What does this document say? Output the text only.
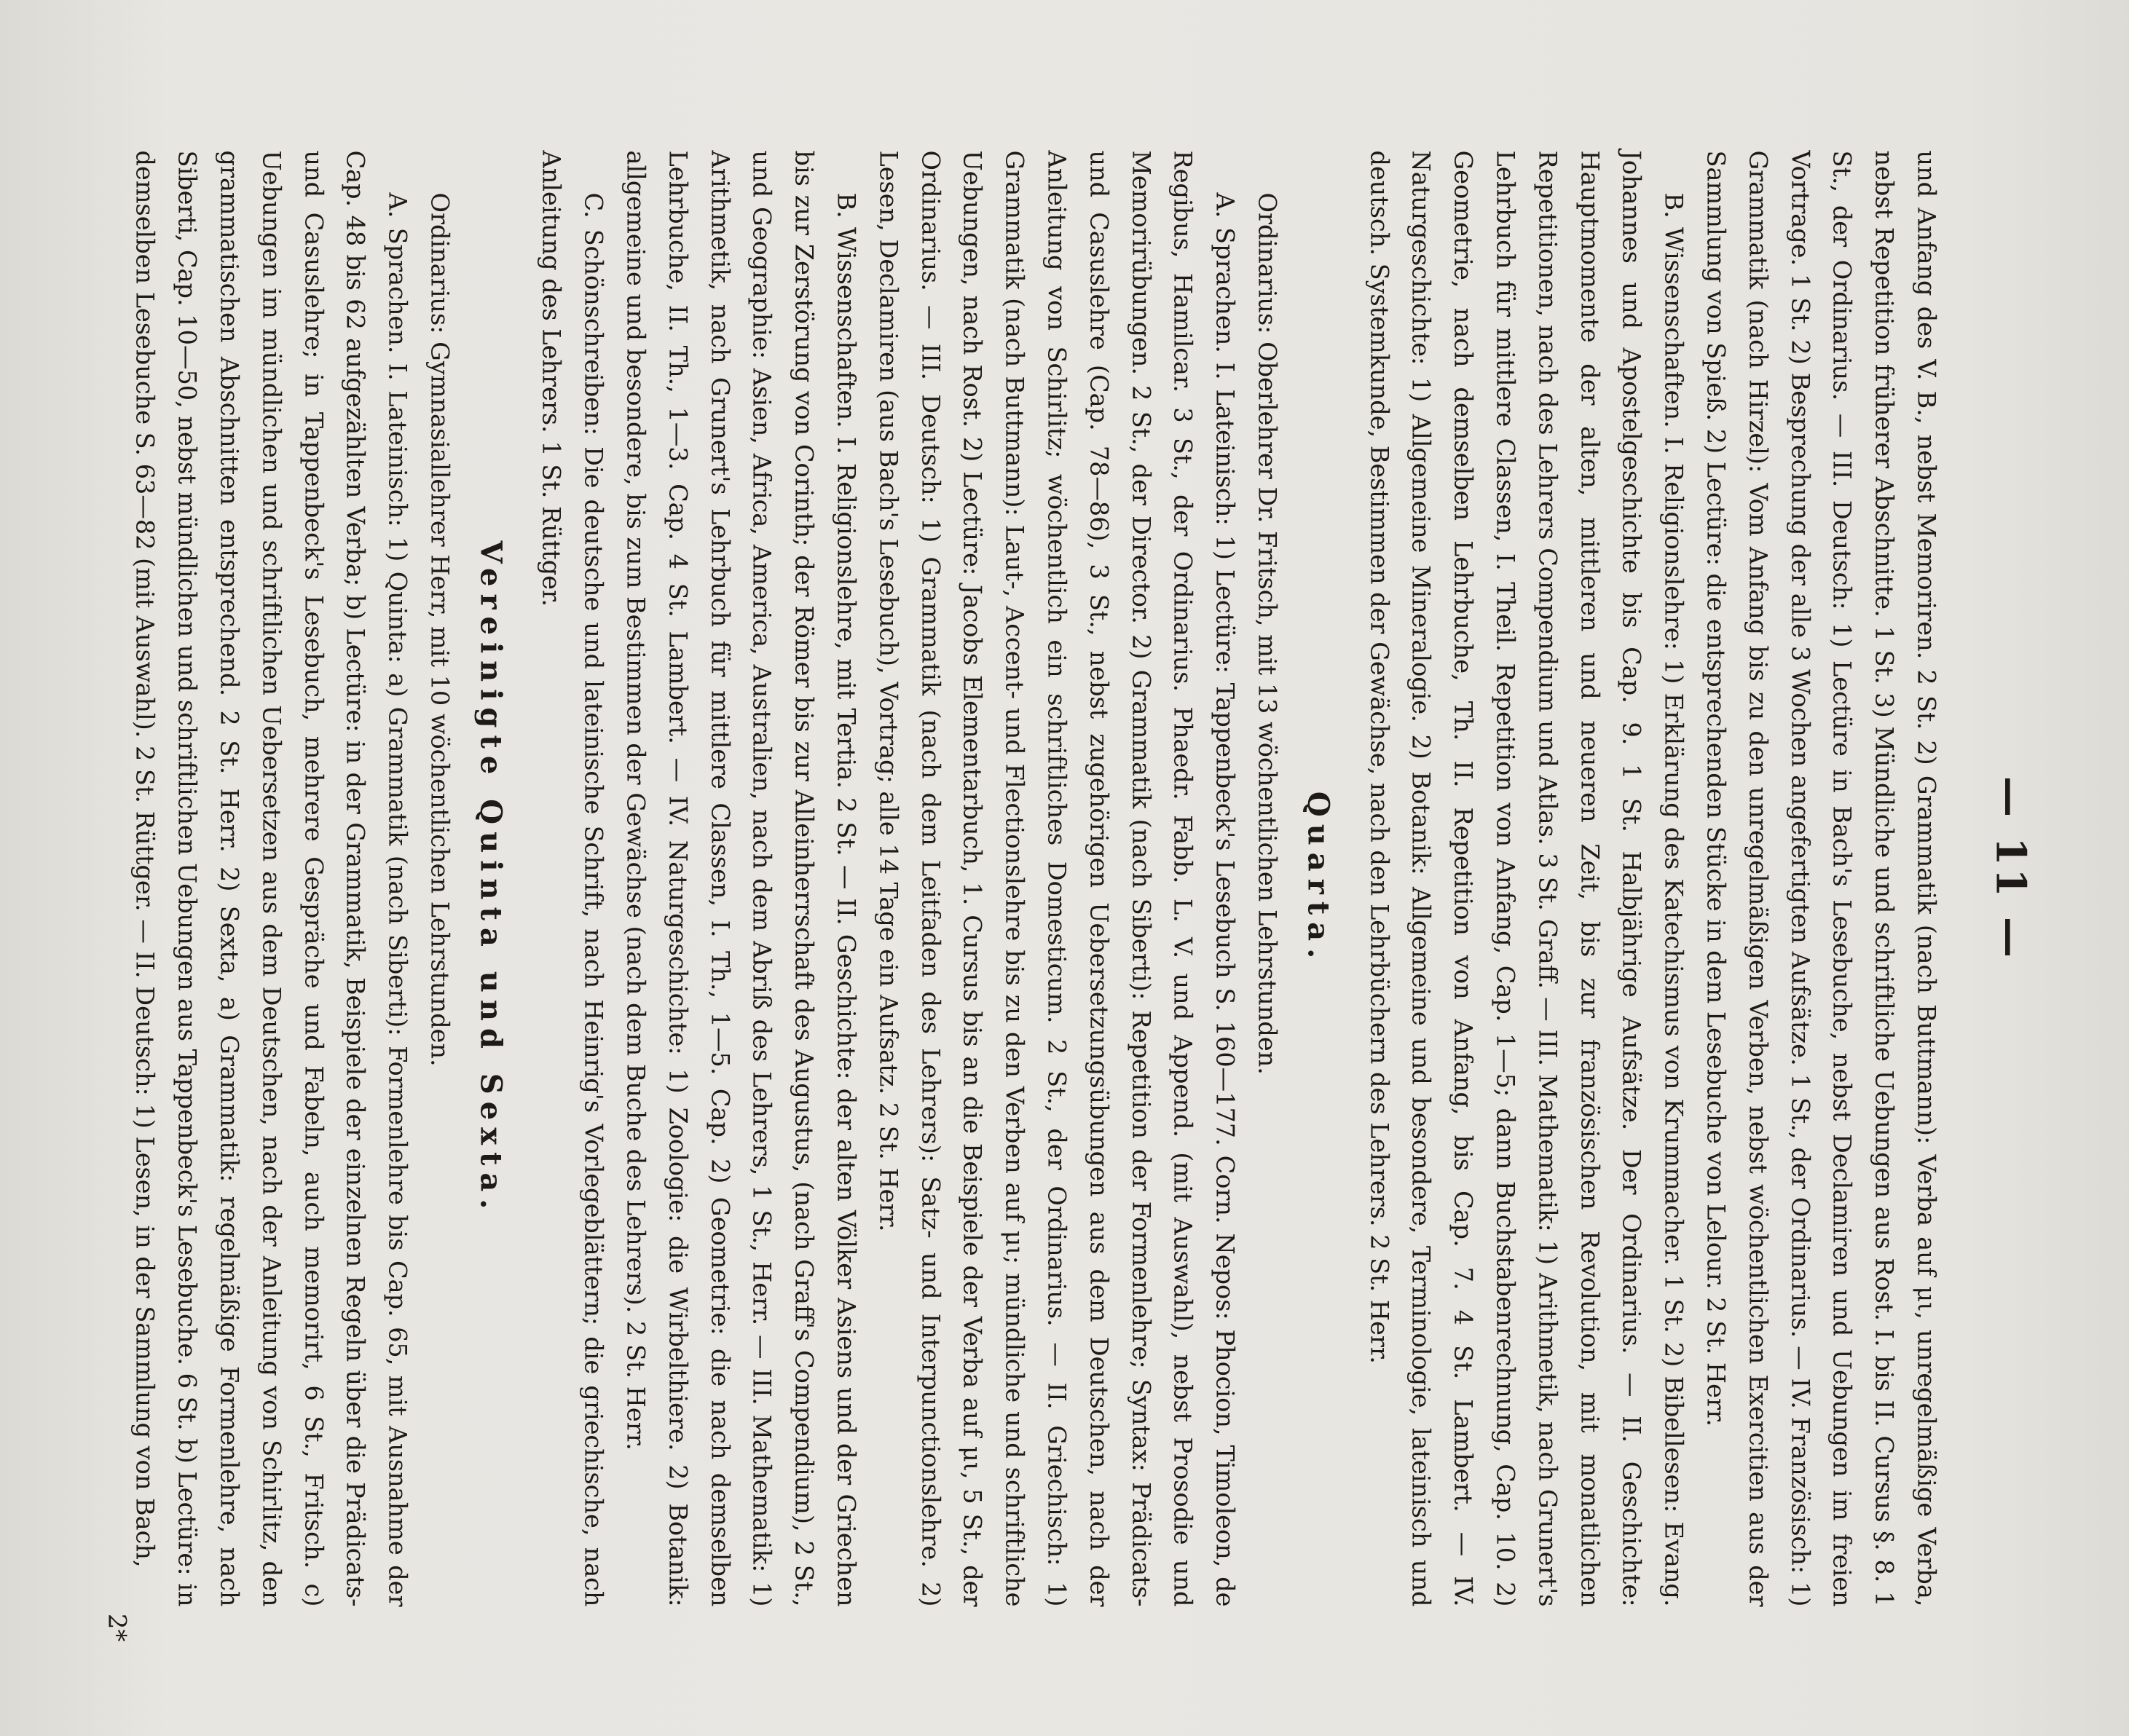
— 11 —

und Anfang des V. B., nebst Memoriren. 2 St. 2) Grammatik (nach Buttmann): Verba auf μι, unregelmäßige Verba, nebst Repetition früherer Abschnitte. 1 St. 3) Mündliche und schriftliche Uebungen aus Rost. I. bis II. Cursus §. 8. 1 St., der Ordinarius. — III. Deutsch: 1) Lectüre in Bach's Lesebuche, nebst Declamiren und Uebungen im freien Vortrage. 1 St. 2) Besprechung der alle 3 Wochen angefertigten Aufsätze. 1 St., der Ordinarius. — IV. Französisch: 1) Grammatik (nach Hirzel): Vom Anfang bis zu den unregelmäßigen Verben, nebst wöchentlichen Exercitien aus der Sammlung von Spieß. 2) Lectüre: die entsprechenden Stücke in dem Lesebuche von Lelour. 2 St. Herr.

B. Wissenschaften. I. Religionslehre: 1) Erklärung des Katechismus von Krummacher. 1 St. 2) Bibellesen: Evang. Johannes und Apostelgeschichte bis Cap. 9. 1 St. Halbjährige Aufsätze. Der Ordinarius. — II. Geschichte: Hauptmomente der alten, mittleren und neueren Zeit, bis zur französischen Revolution, mit monatlichen Repetitionen, nach des Lehrers Compendium und Atlas. 3 St. Graff. — III. Mathematik: 1) Arithmetik, nach Grunert's Lehrbuch für mittlere Classen, I. Theil. Repetition von Anfang, Cap. 1—5; dann Buchstabenrechnung, Cap. 10. 2) Geometrie, nach demselben Lehrbuche, Th. II. Repetition von Anfang, bis Cap. 7. 4 St. Lambert. — IV. Naturgeschichte: 1) Allgemeine Mineralogie. 2) Botanik: Allgemeine und besondere, Terminologie, lateinisch und deutsch. Systemkunde, Bestimmen der Gewächse, nach den Lehrbüchern des Lehrers. 2 St. Herr.

Quarta.

Ordinarius: Oberlehrer Dr. Fritsch, mit 13 wöchentlichen Lehrstunden.

A. Sprachen. I. Lateinisch: 1) Lectüre: Tappenbeck's Lesebuch S. 160—177. Corn. Nepos: Phocion, Timoleon, de Regibus, Hamilcar. 3 St., der Ordinarius. Phaedr. Fabb. L. V. und Append. (mit Auswahl), nebst Prosodie und Memorirübungen. 2 St., der Director. 2) Grammatik (nach Siberti): Repetition der Formenlehre; Syntax: Prädicats- und Casuslehre (Cap. 78—86), 3 St., nebst zugehörigen Uebersetzungsübungen aus dem Deutschen, nach der Anleitung von Schirlitz; wöchentlich ein schriftliches Domesticum. 2 St., der Ordinarius. — II. Griechisch: 1) Grammatik (nach Buttmann): Laut-, Accent- und Flectionslehre bis zu den Verben auf μι; mündliche und schriftliche Uebungen, nach Rost. 2) Lectüre: Jacobs Elementarbuch, 1. Cursus bis an die Beispiele der Verba auf μι, 5 St., der Ordinarius. — III. Deutsch: 1) Grammatik (nach dem Leitfaden des Lehrers): Satz- und Interpunctionslehre. 2) Lesen, Declamiren (aus Bach's Lesebuch), Vortrag; alle 14 Tage ein Aufsatz. 2 St. Herr.

B. Wissenschaften. I. Religionslehre, mit Tertia. 2 St. — II. Geschichte: der alten Völker Asiens und der Griechen bis zur Zerstörung von Corinth; der Römer bis zur Alleinherrschaft des Augustus, (nach Graff's Compendium), 2 St., und Geographie: Asien, Africa, America, Australien, nach dem Abriß des Lehrers, 1 St., Herr. — III. Mathematik: 1) Arithmetik, nach Grunert's Lehrbuch für mittlere Classen, I. Th., 1—5. Cap. 2) Geometrie: die nach demselben Lehrbuche, II. Th., 1—3. Cap. 4 St. Lambert. — IV. Naturgeschichte: 1) Zoologie: die Wirbelthiere. 2) Botanik: allgemeine und besondere, bis zum Bestimmen der Gewächse (nach dem Buche des Lehrers). 2 St. Herr.

C. Schönschreiben: Die deutsche und lateinische Schrift, nach Heinrig's Vorlegeblättern; die griechische, nach Anleitung des Lehrers. 1 St. Rüttger.

Vereinigte Quinta und Sexta.

Ordinarius: Gymnasiallehrer Herr, mit 10 wöchentlichen Lehrstunden.

A. Sprachen. I. Lateinisch: 1) Quinta: a) Grammatik (nach Siberti): Formenlehre bis Cap. 65, mit Ausnahme der Cap. 48 bis 62 aufgezählten Verba; b) Lectüre: in der Grammatik, Beispiele der einzelnen Regeln über die Prädicats- und Casuslehre; in Tappenbeck's Lesebuch, mehrere Gespräche und Fabeln, auch memorirt, 6 St., Fritsch. c) Uebungen im mündlichen und schriftlichen Uebersetzen aus dem Deutschen, nach der Anleitung von Schirlitz, den grammatischen Abschnitten entsprechend. 2 St. Herr. 2) Sexta, a) Grammatik: regelmäßige Formenlehre, nach Siberti, Cap. 10—50, nebst mündlichen und schriftlichen Uebungen aus Tappenbeck's Lesebuche. 6 St. b) Lectüre: in demselben Lesebuche S. 63—82 (mit Auswahl). 2 St. Rüttger. — II. Deutsch: 1) Lesen, in der Sammlung von Bach,

2*
